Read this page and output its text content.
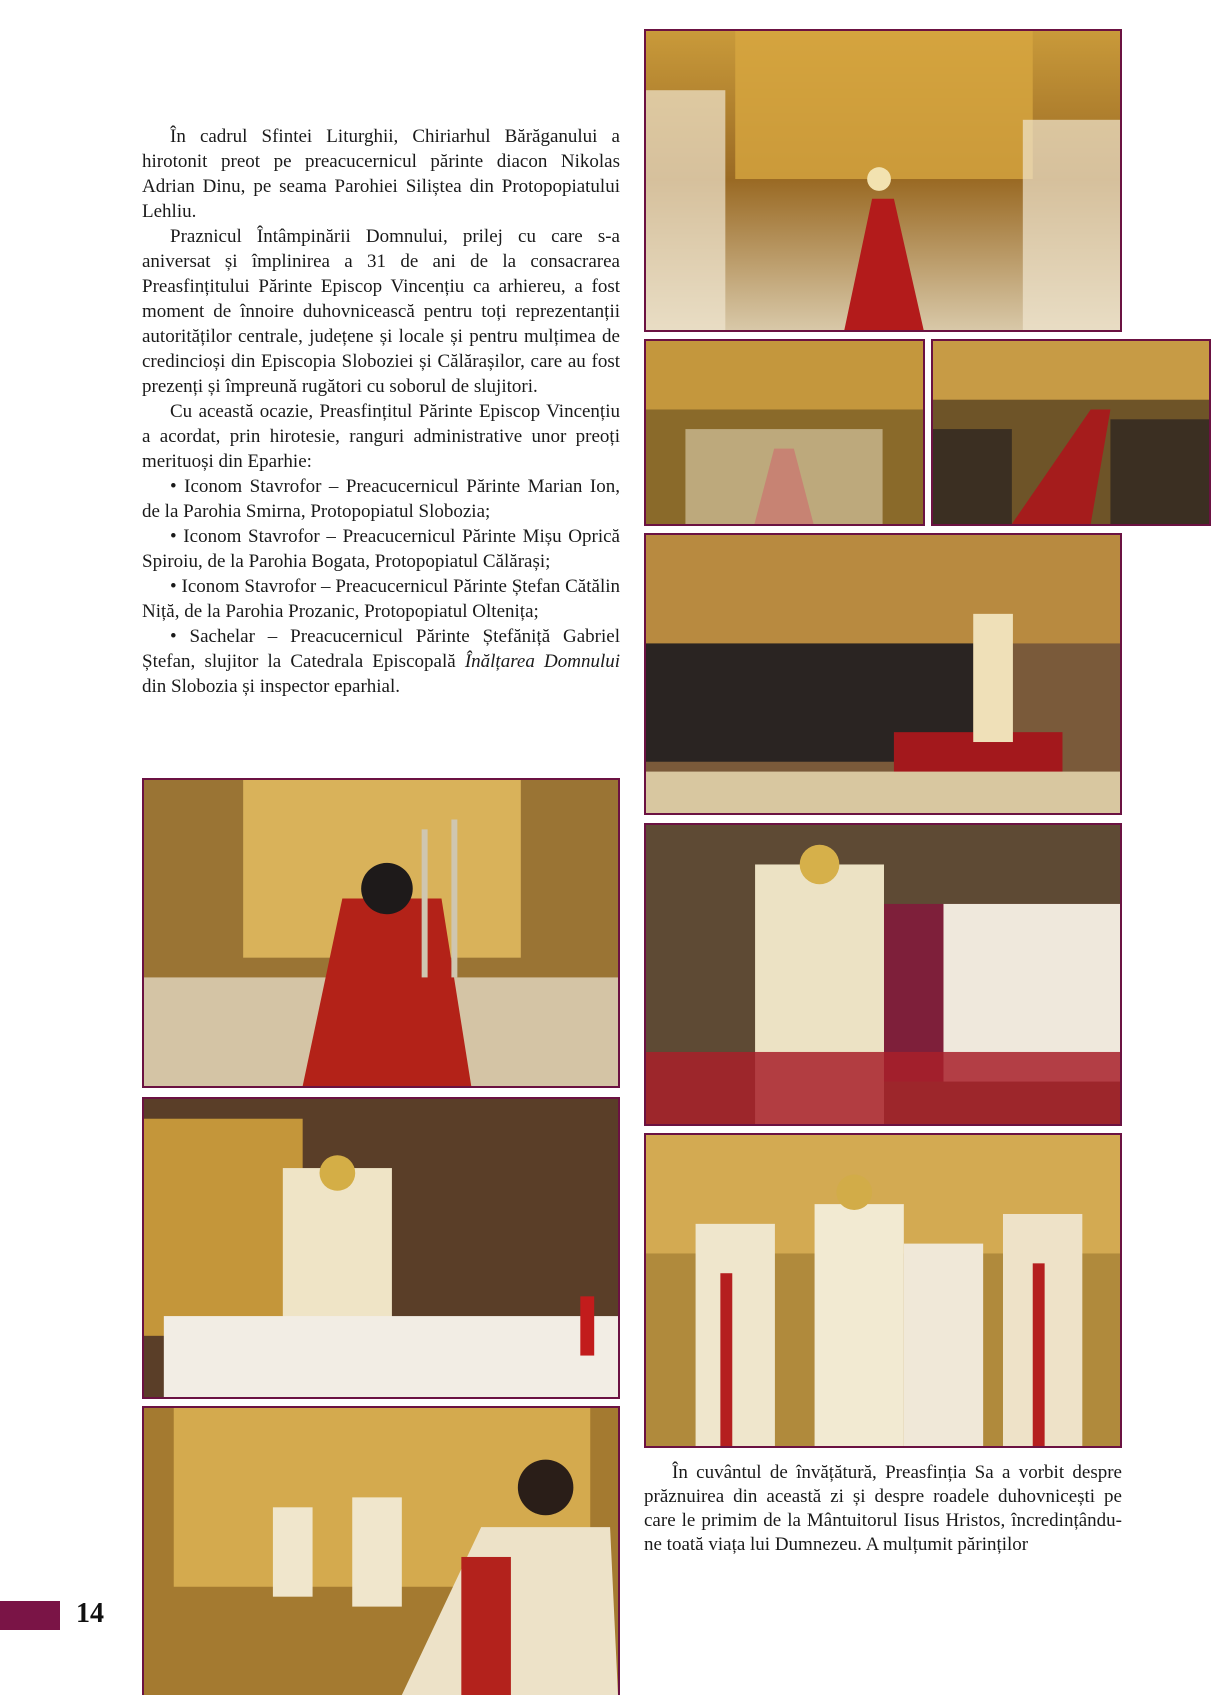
În cadrul Sfintei Liturghii, Chiriarhul Bărăganului a hirotonit preot pe preacucernicul părinte diacon Nikolas Adrian Dinu, pe seama Parohiei Siliștea din Protopopiatului Lehliu.

Praznicul Întâmpinării Domnului, prilej cu care s-a aniversat și împlinirea a 31 de ani de la consacrarea Preasfințitului Părinte Episcop Vincențiu ca arhiereu, a fost moment de înnoire duhovnicească pentru toți reprezentanții autorităților centrale, județene și locale și pentru mulțimea de credincioși din Episcopia Sloboziei și Călărașilor, care au fost prezenți și împreună rugători cu soborul de slujitori.

Cu această ocazie, Preasfințitul Părinte Episcop Vincențiu a acordat, prin hirotesie, ranguri administrative unor preoți merituoși din Eparhie:

• Iconom Stavrofor – Preacucernicul Părinte Marian Ion, de la Parohia Smirna, Protopopiatul Slobozia;

• Iconom Stavrofor – Preacucernicul Părinte Mișu Oprică Spiroiu, de la Parohia Bogata, Protopopiatul Călărași;

• Iconom Stavrofor – Preacucernicul Părinte Ștefan Cătălin Niță, de la Parohia Prozanic, Protopopiatul Oltenița;

• Sachelar – Preacucernicul Părinte Ștefăniță Gabriel Ștefan, slujitor la Catedrala Episcopală Înălțarea Domnului din Slobozia și inspector eparhial.

În cuvântul de învățătură, Preasfinția Sa a vorbit despre prăznuirea din această zi și despre roadele duhovnicești pe care le primim de la Mântuitorul Iisus Hristos, încredințându-ne toată viața lui Dumnezeu. A mulțumit părinților

14
